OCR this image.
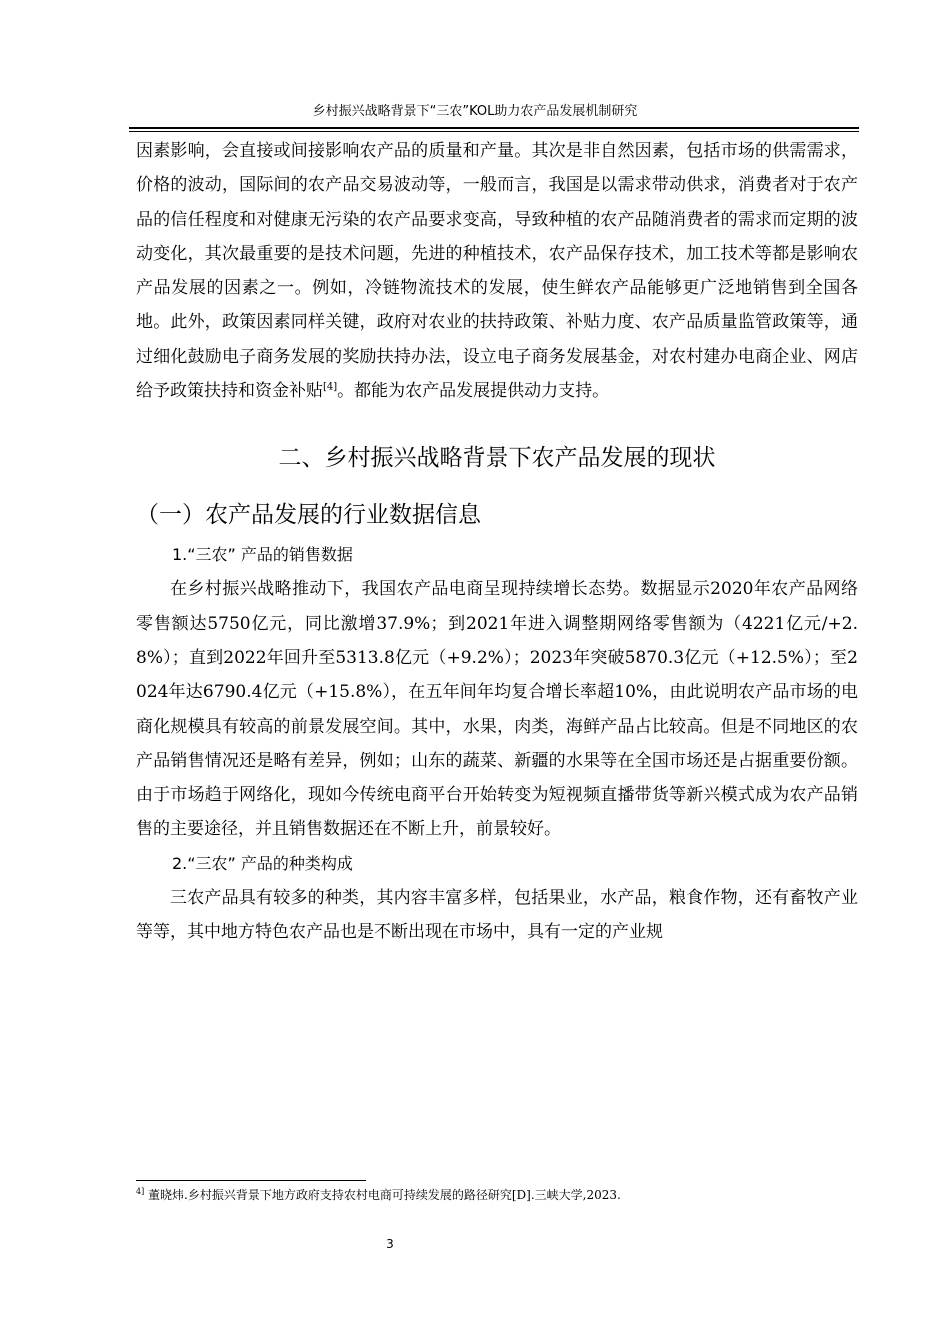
乡村振兴战略背景下“三农”KOL助力农产品发展机制研究

因素影响，会直接或间接影响农产品的质量和产量。其次是非自然因素，包括市场的供需需求，价格的波动，国际间的农产品交易波动等，一般而言，我国是以需求带动供求，消费者对于农产品的信任程度和对健康无污染的农产品要求变高，导致种植的农产品随消费者的需求而定期的波动变化，其次最重要的是技术问题，先进的种植技术，农产品保存技术，加工技术等都是影响农产品发展的因素之一。例如，冷链物流技术的发展，使生鲜农产品能够更广泛地销售到全国各地。此外，政策因素同样关键，政府对农业的扶持政策、补贴力度、农产品质量监管政策等，通过细化鼓励电子商务发展的奖励扶持办法，设立电子商务发展基金，对农村建办电商企业、网店给予政策扶持和资金补贴[4]。都能为农产品发展提供动力支持。

二、乡村振兴战略背景下农产品发展的现状

（一）农产品发展的行业数据信息

1.“三农” 产品的销售数据

在乡村振兴战略推动下，我国农产品电商呈现持续增长态势。数据显示2020年农产品网络零售额达5750亿元，同比激增37.9%；到2021年进入调整期网络零售额为（4221亿元/+2.8%）；直到2022年回升至5313.8亿元（+9.2%）；2023年突破5870.3亿元（+12.5%）；至2024年达6790.4亿元（+15.8%），在五年间年均复合增长率超10%，由此说明农产品市场的电商化规模具有较高的前景发展空间。其中，水果，肉类，海鲜产品占比较高。但是不同地区的农产品销售情况还是略有差异，例如；山东的蔬菜、新疆的水果等在全国市场还是占据重要份额。由于市场趋于网络化，现如今传统电商平台开始转变为短视频直播带货等新兴模式成为农产品销售的主要途径，并且销售数据还在不断上升，前景较好。

2.“三农” 产品的种类构成

三农产品具有较多的种类，其内容丰富多样，包括果业，水产品，粮食作物，还有畜牧产业等等，其中地方特色农产品也是不断出现在市场中，具有一定的产业规

$^{4]}$ 董晓炜.乡村振兴背景下地方政府支持农村电商可持续发展的路径研究[D].三峡大学,2023.
3
